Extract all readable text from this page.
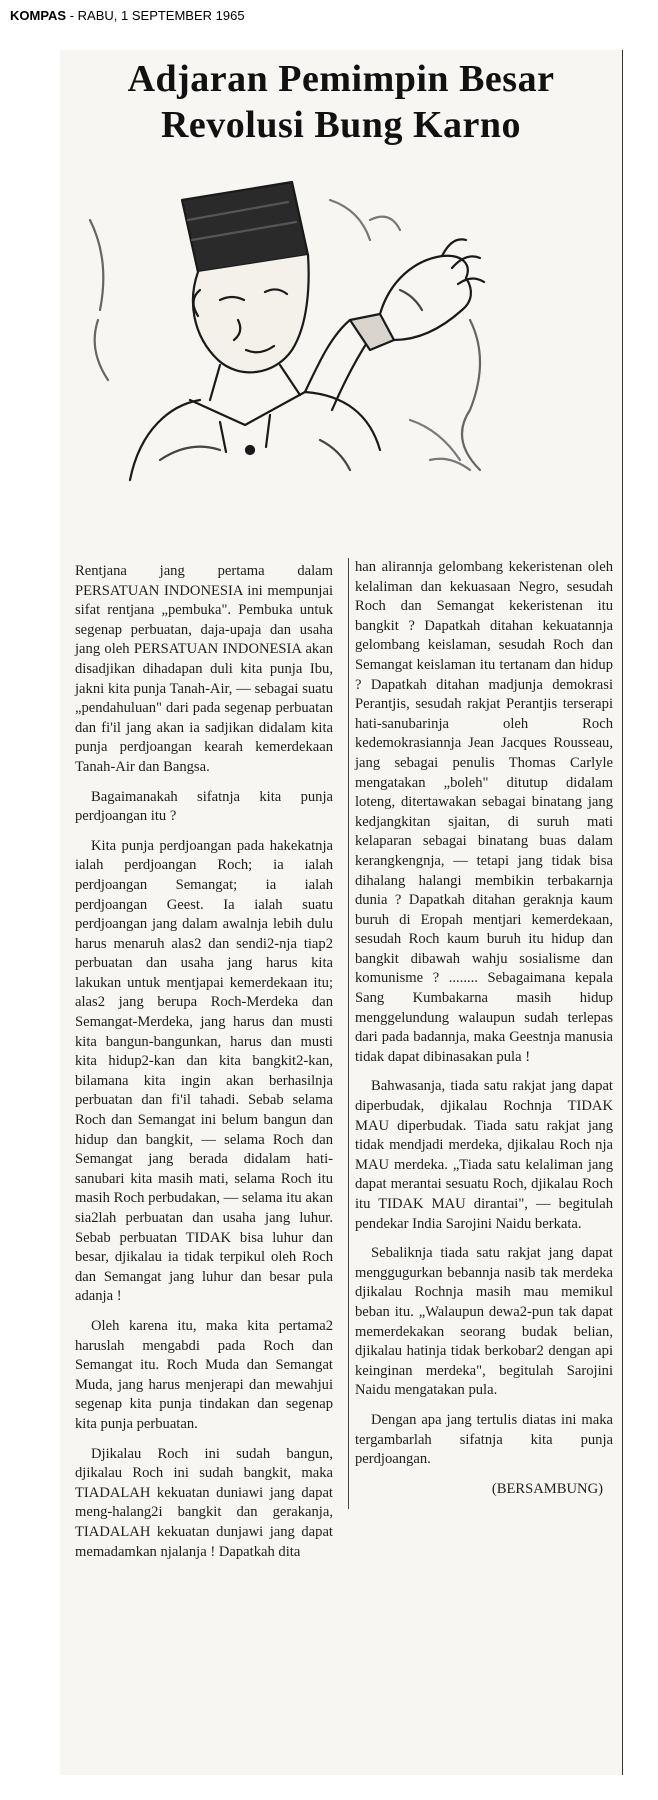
KOMPAS - RABU, 1 SEPTEMBER 1965
Adjaran Pemimpin Besar
Revolusi Bung Karno

Rentjana jang pertama dalam PERSATUAN INDONESIA ini mempunjai sifat rentjana „pembuka". Pembuka untuk segenap perbuatan, daja-upaja dan usaha jang oleh PERSATUAN INDONESIA akan disadjikan dihadapan duli kita punja Ibu, jakni kita punja Tanah-Air, — sebagai suatu „pendahuluan" dari pada segenap perbuatan dan fi'il jang akan ia sadjikan didalam kita punja perdjoangan kearah kemerdekaan Tanah-Air dan Bangsa.

Bagaimanakah sifatnja kita punja perdjoangan itu ?

Kita punja perdjoangan pada hakekatnja ialah perdjoangan Roch; ia ialah perdjoangan Semangat; ia ialah perdjoangan Geest. Ia ialah suatu perdjoangan jang dalam awalnja lebih dulu harus menaruh alas2 dan sendi2-nja tiap2 perbuatan dan usaha jang harus kita lakukan untuk mentjapai kemerdekaan itu; alas2 jang berupa Roch-Merdeka dan Semangat-Merdeka, jang harus dan musti kita bangun-bangunkan, harus dan musti kita hidup2-kan dan kita bangkit2-kan, bilamana kita ingin akan berhasilnja perbuatan dan fi'il tahadi. Sebab selama Roch dan Semangat ini belum bangun dan hidup dan bangkit, — selama Roch dan Semangat jang berada didalam hati-sanubari kita masih mati, selama Roch itu masih Roch perbudakan, — selama itu akan sia2lah perbuatan dan usaha jang luhur. Sebab perbuatan TIDAK bisa luhur dan besar, djikalau ia tidak terpikul oleh Roch dan Semangat jang luhur dan besar pula adanja !

Oleh karena itu, maka kita pertama2 haruslah mengabdi pada Roch dan Semangat itu. Roch Muda dan Semangat Muda, jang harus menjerapi dan mewahjui segenap kita punja tindakan dan segenap kita punja perbuatan.

Djikalau Roch ini sudah bangun, djikalau Roch ini sudah bangkit, maka TIADALAH kekuatan duniawi jang dapat meng-halang2i bangkit dan gerakanja, TIADALAH kekuatan dunjawi jang dapat memadamkan njalanja ! Dapatkah dita

han alirannja gelombang kekeristenan oleh kelaliman dan kekuasaan Negro, sesudah Roch dan Semangat kekeristenan itu bangkit ? Dapatkah ditahan kekuatannja gelombang keislaman, sesudah Roch dan Semangat keislaman itu tertanam dan hidup ? Dapatkah ditahan madjunja demokrasi Perantjis, sesudah rakjat Perantjis terserapi hati-sanubarinja oleh Roch kedemokrasiannja Jean Jacques Rousseau, jang sebagai penulis Thomas Carlyle mengatakan „boleh" ditutup didalam loteng, ditertawakan sebagai binatang jang kedjangkitan sjaitan, di suruh mati kelaparan sebagai binatang buas dalam kerangkengnja, — tetapi jang tidak bisa dihalang halangi membikin terbakarnja dunia ? Dapatkah ditahan geraknja kaum buruh di Eropah mentjari kemerdekaan, sesudah Roch kaum buruh itu hidup dan bangkit dibawah wahju sosialisme dan komunisme ? ........ Sebagaimana kepala Sang Kumbakarna masih hidup menggelundung walaupun sudah terlepas dari pada badannja, maka Geestnja manusia tidak dapat dibinasakan pula !

Bahwasanja, tiada satu rakjat jang dapat diperbudak, djikalau Rochnja TIDAK MAU diperbudak. Tiada satu rakjat jang tidak mendjadi merdeka, djikalau Roch nja MAU merdeka. „Tiada satu kelaliman jang dapat merantai sesuatu Roch, djikalau Roch itu TIDAK MAU dirantai", — begitulah pendekar India Sarojini Naidu berkata.

Sebaliknja tiada satu rakjat jang dapat menggugurkan bebannja nasib tak merdeka djikalau Rochnja masih mau memikul beban itu. „Walaupun dewa2-pun tak dapat memerdekakan seorang budak belian, djikalau hatinja tidak berkobar2 dengan api keinginan merdeka", begitulah Sarojini Naidu mengatakan pula.

Dengan apa jang tertulis diatas ini maka tergambarlah sifatnja kita punja perdjoangan.

(BERSAMBUNG)
